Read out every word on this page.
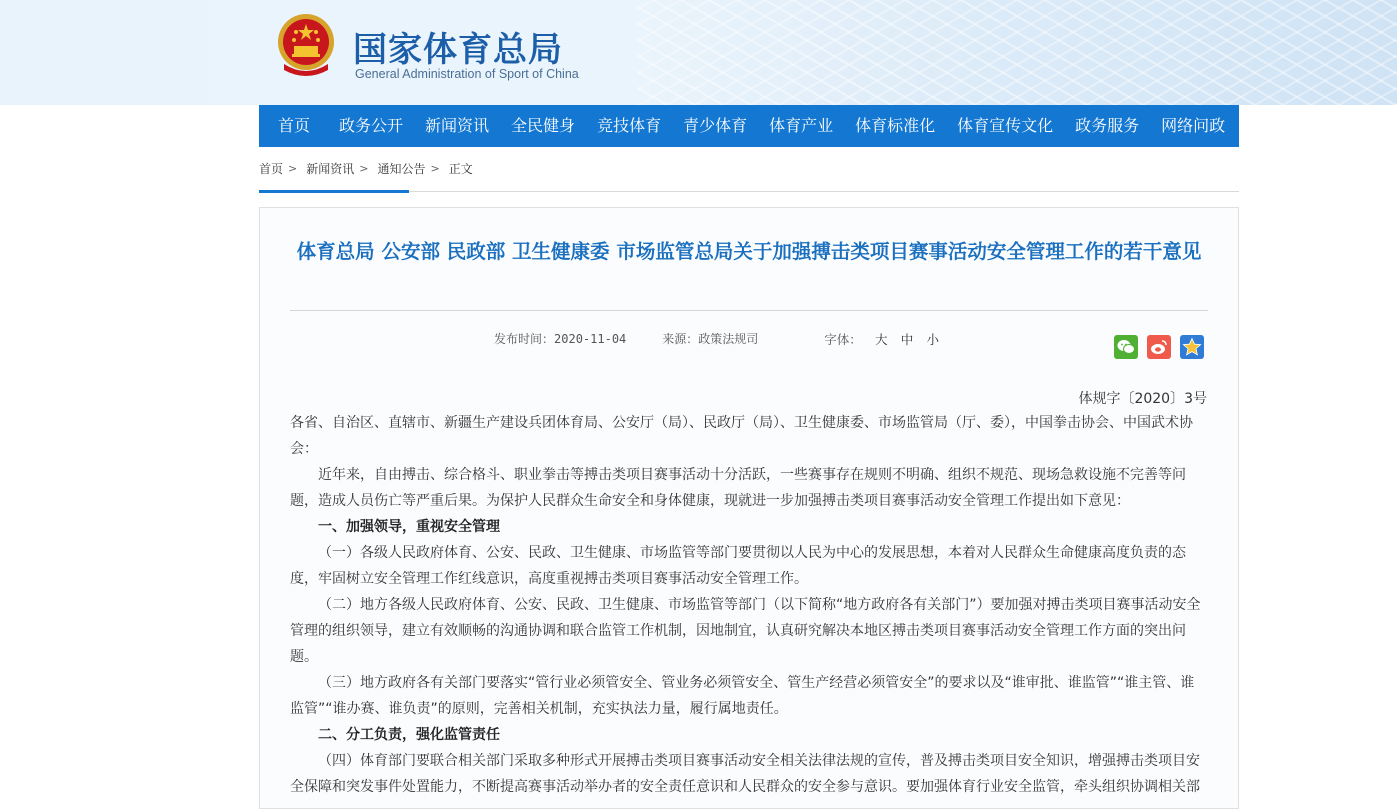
国家体育总局
General Administration of Sport of China
首页	政务公开	新闻资讯	全民健身	竞技体育	青少体育	体育产业	体育标准化	体育宣传文化	政务服务	网络问政
首页 > 新闻资讯 > 通知公告 > 正文
体育总局 公安部 民政部 卫生健康委 市场监管总局关于加强搏击类项目赛事活动安全管理工作的若干意见
发布时间：2020-11-04	来源：政策法规司	字体： 大 中 小
体规字〔2020〕3号

各省、自治区、直辖市、新疆生产建设兵团体育局、公安厅（局）、民政厅（局）、卫生健康委、市场监管局（厅、委），中国拳击协会、中国武术协会：

近年来，自由搏击、综合格斗、职业拳击等搏击类项目赛事活动十分活跃，一些赛事存在规则不明确、组织不规范、现场急救设施不完善等问题，造成人员伤亡等严重后果。为保护人民群众生命安全和身体健康，现就进一步加强搏击类项目赛事活动安全管理工作提出如下意见：

一、加强领导，重视安全管理

（一）各级人民政府体育、公安、民政、卫生健康、市场监管等部门要贯彻以人民为中心的发展思想，本着对人民群众生命健康高度负责的态度，牢固树立安全管理工作红线意识，高度重视搏击类项目赛事活动安全管理工作。

（二）地方各级人民政府体育、公安、民政、卫生健康、市场监管等部门（以下简称“地方政府各有关部门”）要加强对搏击类项目赛事活动安全管理的组织领导，建立有效顺畅的沟通协调和联合监管工作机制，因地制宜，认真研究解决本地区搏击类项目赛事活动安全管理工作方面的突出问题。

（三）地方政府各有关部门要落实“管行业必须管安全、管业务必须管安全、管生产经营必须管安全”的要求以及“谁审批、谁监管”“谁主管、谁监管”“谁办赛、谁负责”的原则，完善相关机制，充实执法力量，履行属地责任。

二、分工负责，强化监管责任

（四）体育部门要联合相关部门采取多种形式开展搏击类项目赛事活动安全相关法律法规的宣传，普及搏击类项目安全知识，增强搏击类项目安全保障和突发事件处置能力，不断提高赛事活动举办者的安全责任意识和人民群众的安全参与意识。要加强体育行业安全监管，牵头组织协调相关部
